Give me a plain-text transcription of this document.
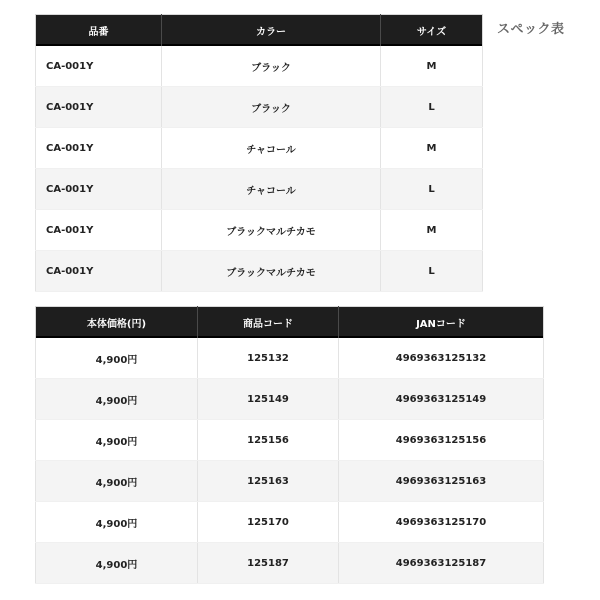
スペック表
品番	カラー	サイズ
CA-001Y	ブラック	M
CA-001Y	ブラック	L
CA-001Y	チャコール	M
CA-001Y	チャコール	L
CA-001Y	ブラックマルチカモ	M
CA-001Y	ブラックマルチカモ	L
本体価格(円)	商品コード	JANコード
4,900円	125132	4969363125132
4,900円	125149	4969363125149
4,900円	125156	4969363125156
4,900円	125163	4969363125163
4,900円	125170	4969363125170
4,900円	125187	4969363125187
